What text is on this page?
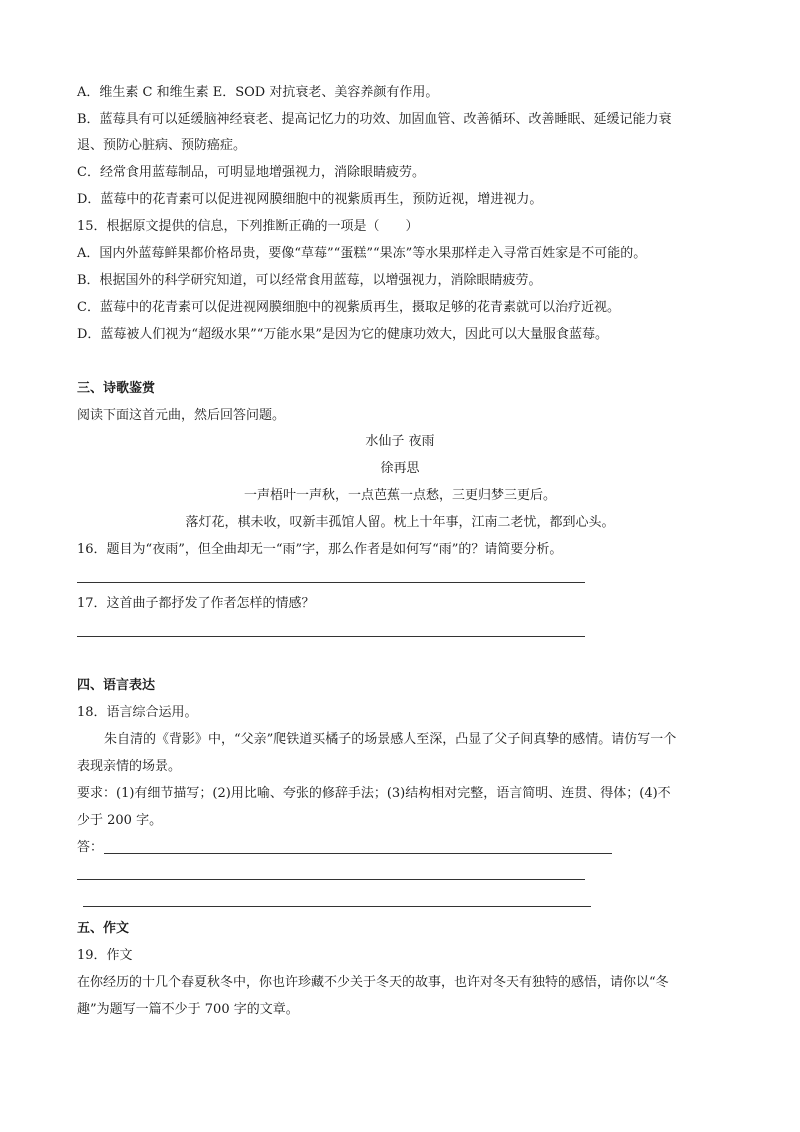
A．维生素 C 和维生素 E．SOD 对抗衰老、美容养颜有作用。
B．蓝莓具有可以延缓脑神经衰老、提高记忆力的功效、加固血管、改善循环、改善睡眠、延缓记能力衰
退、预防心脏病、预防癌症。
C．经常食用蓝莓制品，可明显地增强视力，消除眼睛疲劳。
D．蓝莓中的花青素可以促进视网膜细胞中的视紫质再生，预防近视，增进视力。
15．根据原文提供的信息，下列推断正确的一项是（　　）
A．国内外蓝莓鲜果都价格昂贵，要像“草莓”“蛋糕”“果冻”等水果那样走入寻常百姓家是不可能的。
B．根据国外的科学研究知道，可以经常食用蓝莓，以增强视力，消除眼睛疲劳。
C．蓝莓中的花青素可以促进视网膜细胞中的视紫质再生，摄取足够的花青素就可以治疗近视。
D．蓝莓被人们视为“超级水果”“万能水果”是因为它的健康功效大，因此可以大量服食蓝莓。
三、诗歌鉴赏
阅读下面这首元曲，然后回答问题。
水仙子 夜雨
徐再思
一声梧叶一声秋，一点芭蕉一点愁，三更归梦三更后。
落灯花，棋未收，叹新丰孤馆人留。枕上十年事，江南二老忧，都到心头。
16．题目为“夜雨”，但全曲却无一“雨”字，那么作者是如何写“雨”的？请简要分析。
17．这首曲子都抒发了作者怎样的情感？
四、语言表达
18．语言综合运用。
朱自清的《背影》中，“父亲”爬铁道买橘子的场景感人至深，凸显了父子间真挚的感情。请仿写一个
表现亲情的场景。
要求：(1)有细节描写；(2)用比喻、夸张的修辞手法；(3)结构相对完整，语言简明、连贯、得体；(4)不
少于 200 字。
答：
五、作文
19．作文
在你经历的十几个春夏秋冬中，你也许珍藏不少关于冬天的故事，也许对冬天有独特的感悟，请你以“冬
趣”为题写一篇不少于 700 字的文章。
